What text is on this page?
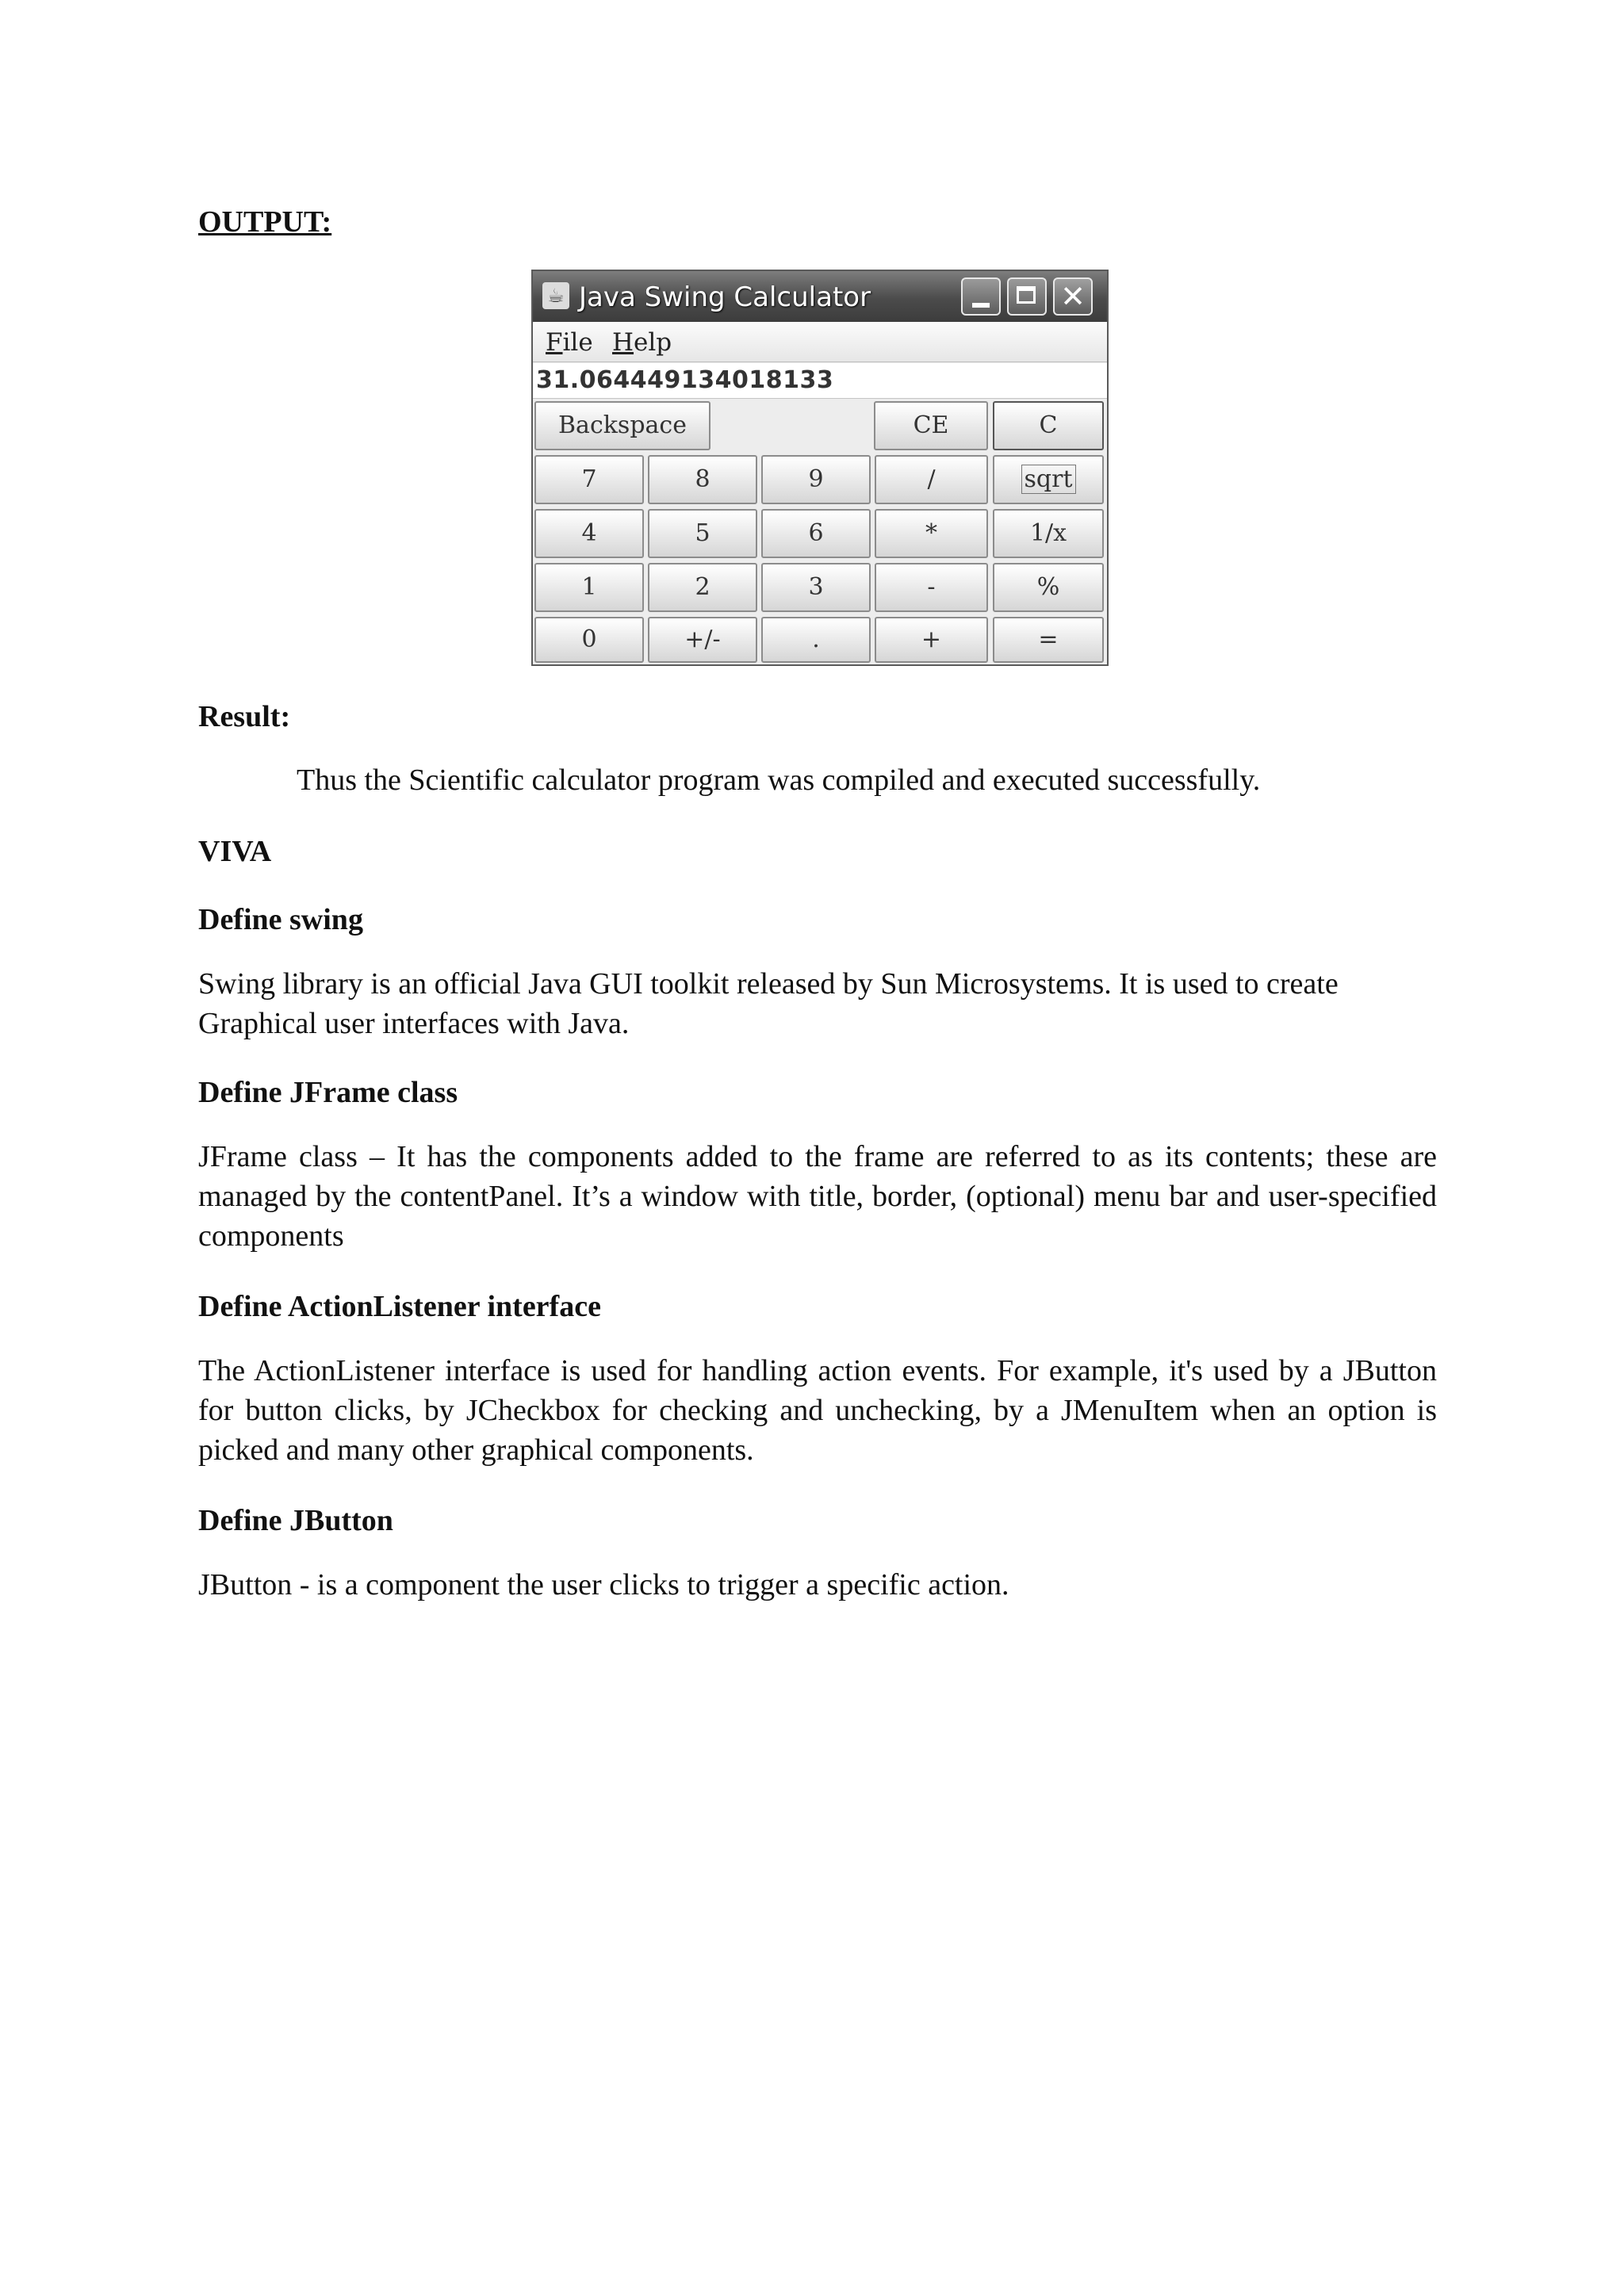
OUTPUT:
☕ Java Swing Calculator	✕
File Help
31.064449134018133
Backspace	CE	C
7	8	9	/	sqrt
4	5	6	*	1/x
1	2	3	-	%
0	+/-	.	+	=
Result:

Thus the Scientific calculator program was compiled and executed successfully.

VIVA
Define swing

Swing library is an official Java GUI toolkit released by Sun Microsystems. It is used to create Graphical user interfaces with Java.

Define JFrame class

JFrame class – It has the components added to the frame are referred to as its contents; these are managed by the contentPanel. It’s a window with title, border, (optional) menu bar and user-specified components

Define ActionListener interface

The ActionListener interface is used for handling action events. For example, it's used by a JButton for button clicks, by JCheckbox for checking and unchecking, by a JMenuItem when an option is picked and many other graphical components.

Define JButton

JButton - is a component the user clicks to trigger a specific action.
